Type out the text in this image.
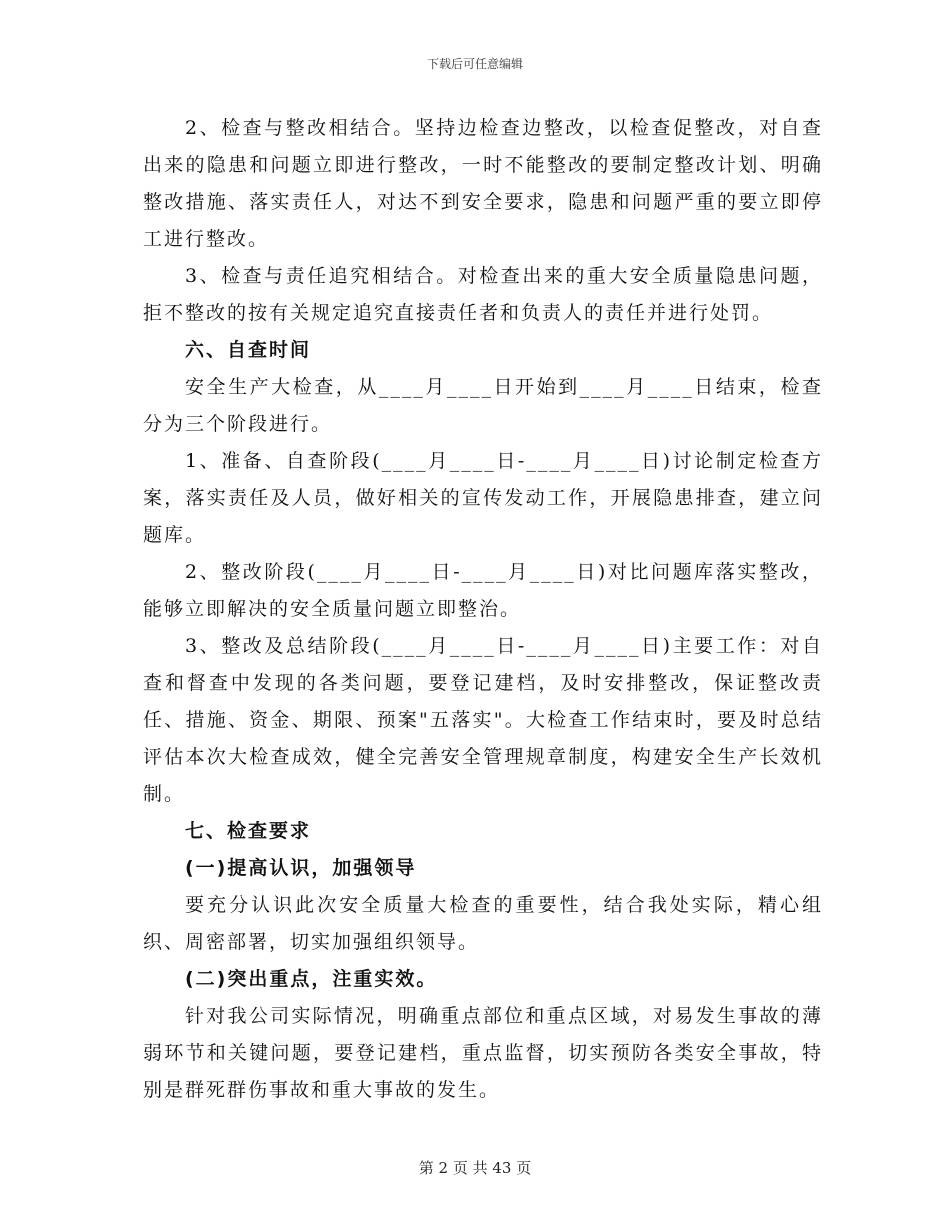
下载后可任意编辑

2、检查与整改相结合。坚持边检查边整改，以检查促整改，对自查出来的隐患和问题立即进行整改，一时不能整改的要制定整改计划、明确整改措施、落实责任人，对达不到安全要求，隐患和问题严重的要立即停工进行整改。

3、检查与责任追究相结合。对检查出来的重大安全质量隐患问题，拒不整改的按有关规定追究直接责任者和负责人的责任并进行处罚。

六、自查时间

安全生产大检查，从____月____日开始到____月____日结束，检查分为三个阶段进行。

1、准备、自查阶段(____月____日-____月____日)讨论制定检查方案，落实责任及人员，做好相关的宣传发动工作，开展隐患排查，建立问题库。

2、整改阶段(____月____日-____月____日)对比问题库落实整改，能够立即解决的安全质量问题立即整治。

3、整改及总结阶段(____月____日-____月____日)主要工作：对自查和督查中发现的各类问题，要登记建档，及时安排整改，保证整改责任、措施、资金、期限、预案"五落实"。大检查工作结束时，要及时总结评估本次大检查成效，健全完善安全管理规章制度，构建安全生产长效机制。

七、检查要求

(一)提高认识，加强领导

要充分认识此次安全质量大检查的重要性，结合我处实际，精心组织、周密部署，切实加强组织领导。

(二)突出重点，注重实效。

针对我公司实际情况，明确重点部位和重点区域，对易发生事故的薄弱环节和关键问题，要登记建档，重点监督，切实预防各类安全事故，特别是群死群伤事故和重大事故的发生。

第 2 页 共 43 页
